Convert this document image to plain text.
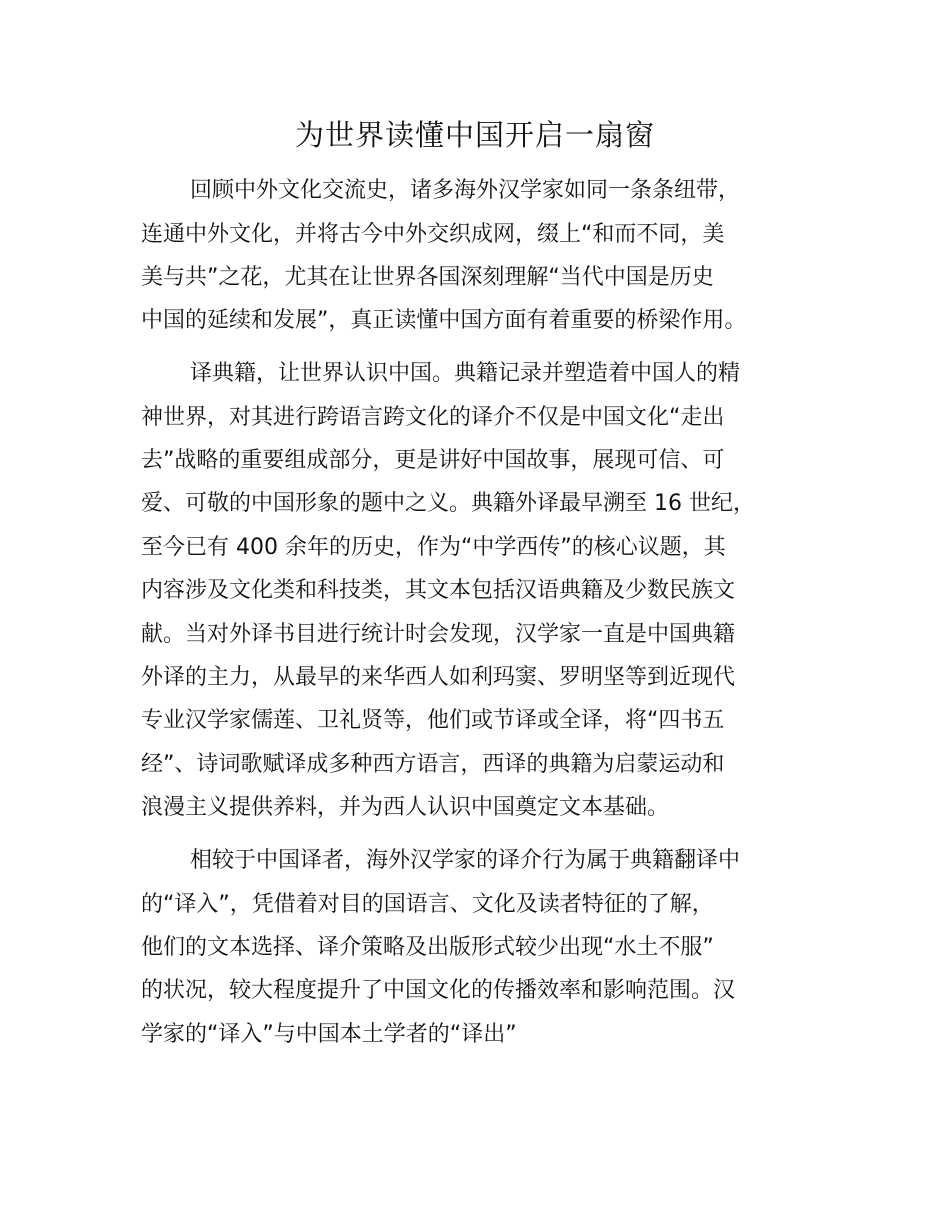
为世界读懂中国开启一扇窗

回顾中外文化交流史，诸多海外汉学家如同一条条纽带，

连通中外文化，并将古今中外交织成网，缀上“和而不同，美

美与共”之花，尤其在让世界各国深刻理解“当代中国是历史

中国的延续和发展”，真正读懂中国方面有着重要的桥梁作用。

译典籍，让世界认识中国。典籍记录并塑造着中国人的精

神世界，对其进行跨语言跨文化的译介不仅是中国文化“走出

去”战略的重要组成部分，更是讲好中国故事，展现可信、可

爱、可敬的中国形象的题中之义。典籍外译最早溯至 16 世纪，

至今已有 400 余年的历史，作为“中学西传”的核心议题，其

内容涉及文化类和科技类，其文本包括汉语典籍及少数民族文

献。当对外译书目进行统计时会发现，汉学家一直是中国典籍

外译的主力，从最早的来华西人如利玛窦、罗明坚等到近现代

专业汉学家儒莲、卫礼贤等，他们或节译或全译，将“四书五

经”、诗词歌赋译成多种西方语言，西译的典籍为启蒙运动和

浪漫主义提供养料，并为西人认识中国奠定文本基础。

相较于中国译者，海外汉学家的译介行为属于典籍翻译中

的“译入”，凭借着对目的国语言、文化及读者特征的了解，

他们的文本选择、译介策略及出版形式较少出现“水土不服”

的状况，较大程度提升了中国文化的传播效率和影响范围。汉

学家的“译入”与中国本土学者的“译出”
